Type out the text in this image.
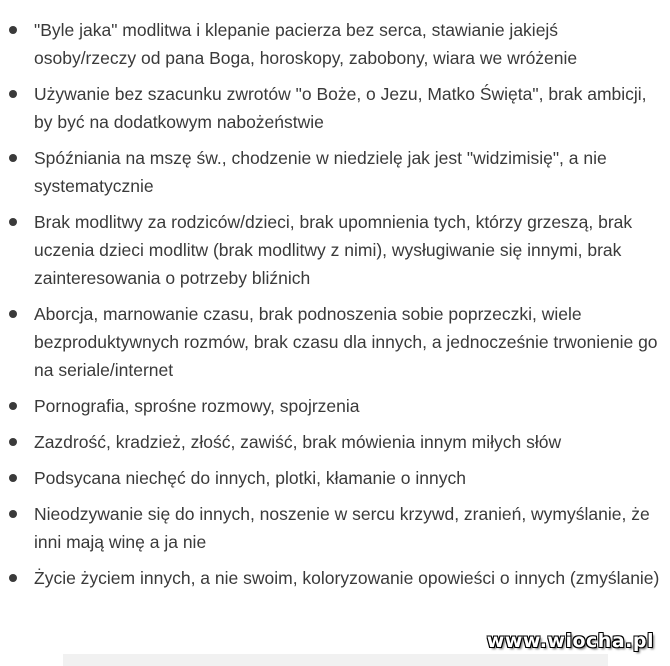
"Byle jaka" modlitwa i klepanie pacierza bez serca, stawianie jakiejś osoby/rzeczy od pana Boga, horoskopy, zabobony, wiara we wróżenie
Używanie bez szacunku zwrotów "o Boże, o Jezu, Matko Święta", brak ambicji, by być na dodatkowym nabożeństwie
Spóźniania na mszę św., chodzenie w niedzielę jak jest "widzimisię", a nie systematycznie
Brak modlitwy za rodziców/dzieci, brak upomnienia tych, którzy grzeszą, brak uczenia dzieci modlitw (brak modlitwy z nimi), wysługiwanie się innymi, brak zainteresowania o potrzeby bliźnich
Aborcja, marnowanie czasu, brak podnoszenia sobie poprzeczki, wiele bezproduktywnych rozmów, brak czasu dla innych, a jednocześnie trwonienie go na seriale/internet
Pornografia, sprośne rozmowy, spojrzenia
Zazdrość, kradzież, złość, zawiść, brak mówienia innym miłych słów
Podsycana niechęć do innych, plotki, kłamanie o innych
Nieodzywanie się do innych, noszenie w sercu krzywd, zranień, wymyślanie, że inni mają winę a ja nie
Życie życiem innych, a nie swoim, koloryzowanie opowieści o innych (zmyślanie)
www.wiocha.pl
